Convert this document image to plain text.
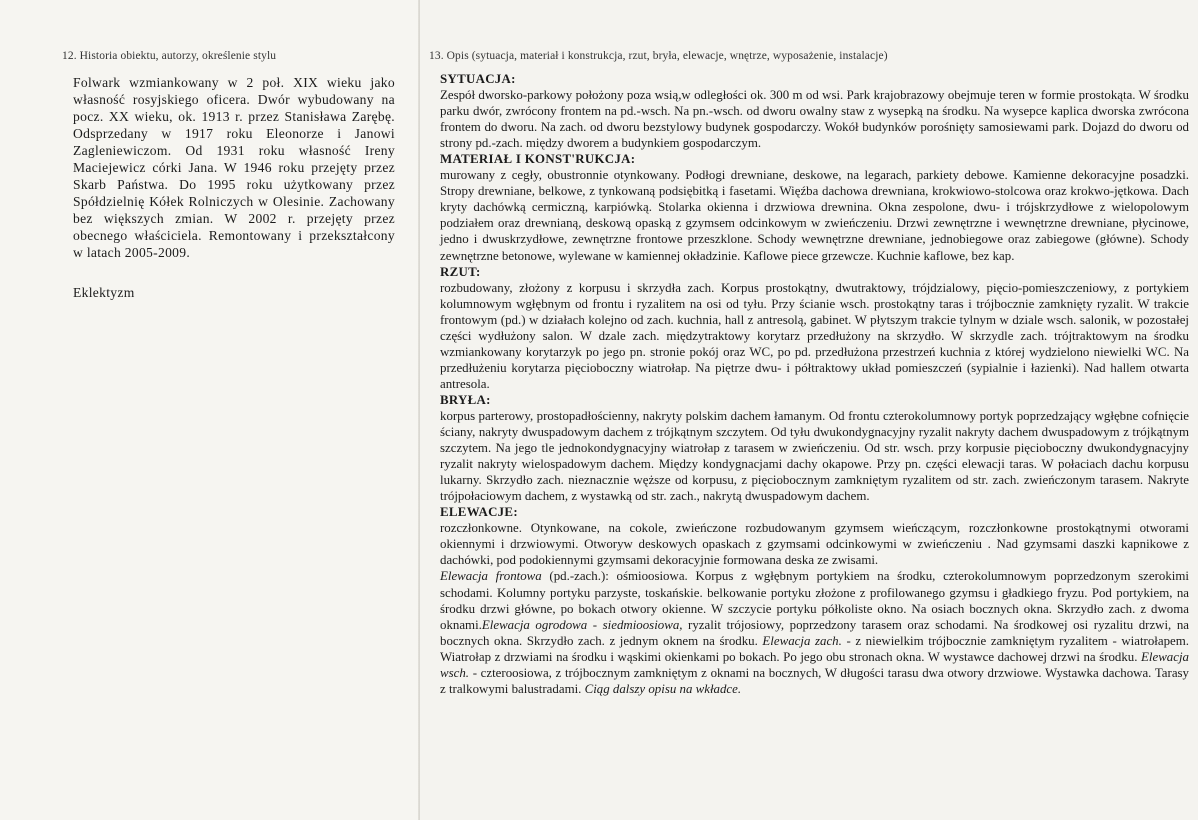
12. Historia obiektu, autorzy, określenie stylu

Folwark wzmiankowany w 2 poł. XIX wieku jako własność rosyjskiego oficera. Dwór wybudowany na pocz. XX wieku, ok. 1913 r. przez Stanisława Zarębę. Odsprzedany w 1917 roku Eleonorze i Janowi Zagleniewiczom. Od 1931 roku własność Ireny Maciejewicz córki Jana. W 1946 roku przejęty przez Skarb Państwa. Do 1995 roku użytkowany przez Spółdzielnię Kółek Rolniczych w Olesinie. Zachowany bez większych zmian. W 2002 r. przejęty przez obecnego właściciela. Remontowany i przekształcony w latach 2005-2009.

Eklektyzm
13. Opis (sytuacja, materiał i konstrukcja, rzut, bryła, elewacje, wnętrze, wyposażenie, instalacje)
SYTUACJA:

Zespół dworsko-parkowy położony poza wsią,w odległości ok. 300 m od wsi. Park krajobrazowy obejmuje teren w formie prostokąta. W środku parku dwór, zwrócony frontem na pd.-wsch. Na pn.-wsch. od dworu owalny staw z wysepką na środku. Na wysepce kaplica dworska zwrócona frontem do dworu. Na zach. od dworu bezstylowy budynek gospodarczy. Wokół budynków porośnięty samosiewami park. Dojazd do dworu od strony pd.-zach. między dworem a budynkiem gospodarczym.

MATERIAŁ I KONST'RUKCJA:

murowany z cegły, obustronnie otynkowany. Podłogi drewniane, deskowe, na legarach, parkiety debowe. Kamienne dekoracyjne posadzki. Stropy drewniane, belkowe, z tynkowaną podsiębitką i fasetami. Więźba dachowa drewniana, krokwiowo-stolcowa oraz krokwo-jętkowa. Dach kryty dachówką cermiczną, karpiówką. Stolarka okienna i drzwiowa drewnina. Okna zespolone, dwu- i trójskrzydłowe z wielopolowym podziałem oraz drewnianą, deskową opaską z gzymsem odcinkowym w zwieńczeniu. Drzwi zewnętrzne i wewnętrzne drewniane, płycinowe, jedno i dwuskrzydłowe, zewnętrzne frontowe przeszklone. Schody wewnętrzne drewniane, jednobiegowe oraz zabiegowe (główne). Schody zewnętrzne betonowe, wylewane w kamiennej okładzinie. Kaflowe piece grzewcze. Kuchnie kaflowe, bez kap.

RZUT:

rozbudowany, złożony z korpusu i skrzydła zach. Korpus prostokątny, dwutraktowy, trójdzialowy, pięcio-pomieszczeniowy, z portykiem kolumnowym wgłębnym od frontu i ryzalitem na osi od tyłu. Przy ścianie wsch. prostokątny taras i trójbocznie zamknięty ryzalit. W trakcie frontowym (pd.) w działach kolejno od zach. kuchnia, hall z antresolą, gabinet. W płytszym trakcie tylnym w dziale wsch. salonik, w pozostałej części wydłużony salon. W dzale zach. międzytraktowy korytarz przedłużony na skrzydło. W skrzydle zach. trójtraktowym na środku wzmiankowany korytarzyk po jego pn. stronie pokój oraz WC, po pd. przedłużona przestrzeń kuchnia z której wydzielono niewielki WC. Na przedłużeniu korytarza pięcioboczny wiatrołap. Na piętrze dwu- i półtraktowy układ pomieszczeń (sypialnie i łazienki). Nad hallem otwarta antresola.

BRYŁA:

korpus parterowy, prostopadłościenny, nakryty polskim dachem łamanym. Od frontu czterokolumnowy portyk poprzedzający wgłębne cofnięcie ściany, nakryty dwuspadowym dachem z trójkątnym szczytem. Od tyłu dwukondygnacyjny ryzalit nakryty dachem dwuspadowym z trójkątnym szczytem. Na jego tle jednokondygnacyjny wiatrołap z tarasem w zwieńczeniu. Od str. wsch. przy korpusie pięcioboczny dwukondygnacyjny ryzalit nakryty wielospadowym dachem. Między kondygnacjami dachy okapowe. Przy pn. części elewacji taras. W połaciach dachu korpusu lukarny. Skrzydło zach. nieznacznie węższe od korpusu, z pięciobocznym zamkniętym ryzalitem od str. zach. zwieńczonym tarasem. Nakryte trójpołaciowym dachem, z wystawką od str. zach., nakrytą dwuspadowym dachem.

ELEWACJE:

rozczłonkowne. Otynkowane, na cokole, zwieńczone rozbudowanym gzymsem wieńczącym, rozczłonkowne prostokątnymi otworami okiennymi i drzwiowymi. Otworyw deskowych opaskach z gzymsami odcinkowymi w zwieńczeniu . Nad gzymsami daszki kapnikowe z dachówki, pod podokiennymi gzymsami dekoracyjnie formowana deska ze zwisami.

Elewacja frontowa (pd.-zach.): ośmioosiowa. Korpus z wgłębnym portykiem na środku, czterokolumnowym poprzedzonym szerokimi schodami. Kolumny portyku parzyste, toskańskie. belkowanie portyku złożone z profilowanego gzymsu i gładkiego fryzu. Pod portykiem, na środku drzwi główne, po bokach otwory okienne. W szczycie portyku półkoliste okno. Na osiach bocznych okna. Skrzydło zach. z dwoma oknami.Elewacja ogrodowa - siedmioosiowa, ryzalit trójosiowy, poprzedzony tarasem oraz schodami. Na środkowej osi ryzalitu drzwi, na bocznych okna. Skrzydło zach. z jednym oknem na środku. Elewacja zach. - z niewielkim trójbocznie zamkniętym ryzalitem - wiatrołapem. Wiatrołap z drzwiami na środku i wąskimi okienkami po bokach. Po jego obu stronach okna. W wystawce dachowej drzwi na środku. Elewacja wsch. - czteroosiowa, z trójbocznym zamkniętym z oknami na bocznych, W długości tarasu dwa otwory drzwiowe. Wystawka dachowa. Tarasy z tralkowymi balustradami. Ciąg dalszy opisu na wkładce.
